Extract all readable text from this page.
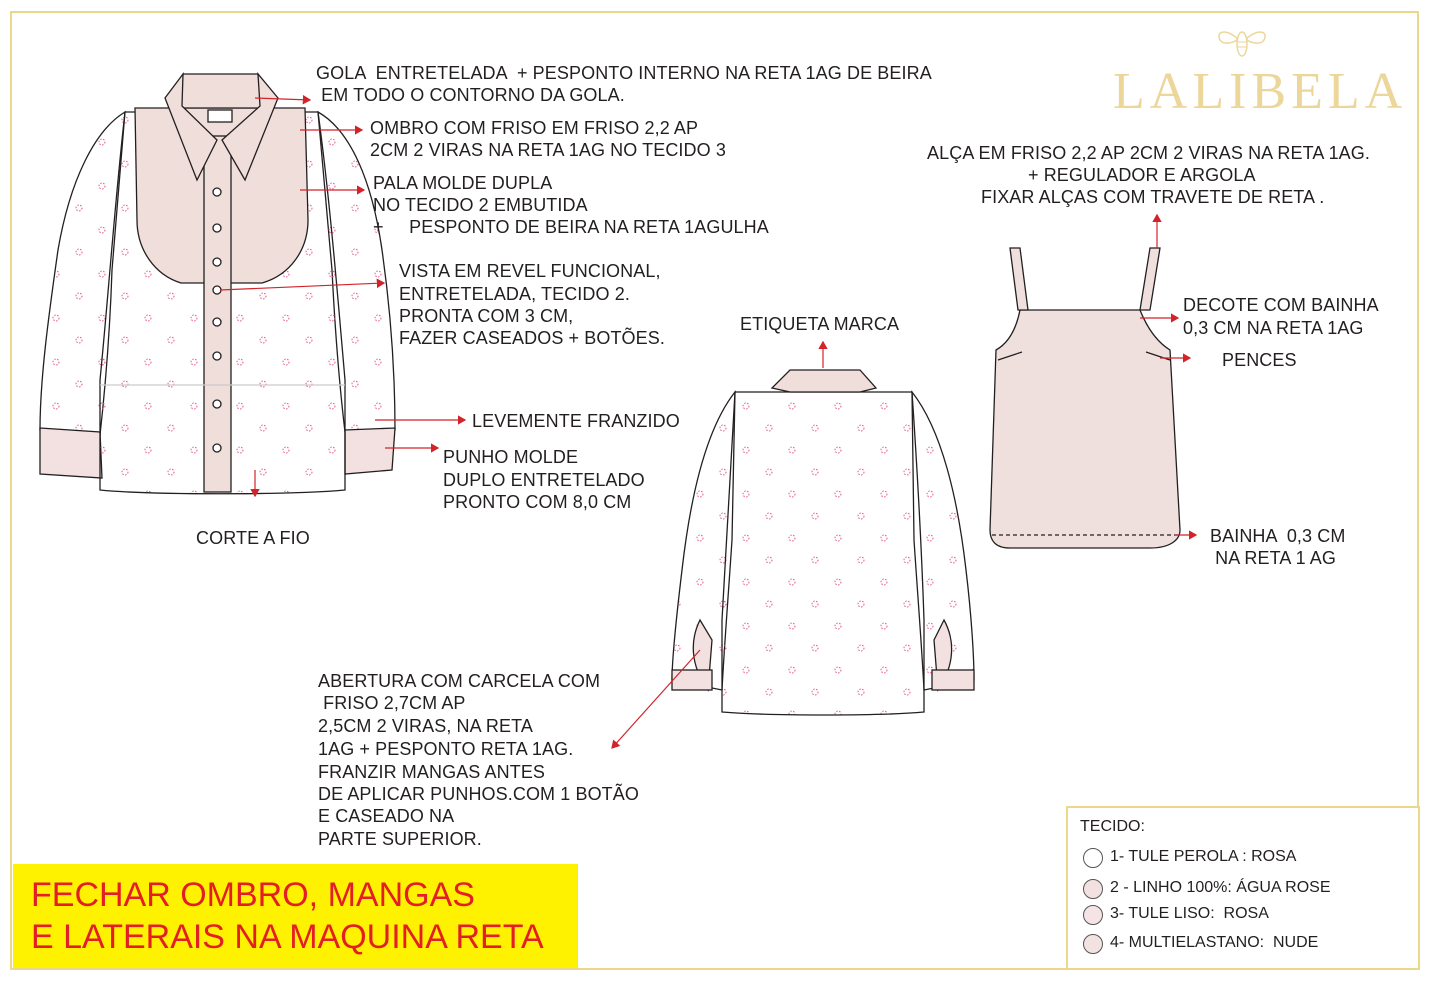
LALIBELA
GOLA  ENTRETELADA  + PESPONTO INTERNO NA RETA 1AG DE BEIRA
EM TODO O CONTORNO DA GOLA.
OMBRO COM FRISO EM FRISO 2,2 AP
2CM 2 VIRAS NA RETA 1AG NO TECIDO 3
PALA MOLDE DUPLA
NO TECIDO 2 EMBUTIDA
+     PESPONTO DE BEIRA NA RETA 1AGULHA
VISTA EM REVEL FUNCIONAL,
ENTRETELADA, TECIDO 2.
PRONTA COM 3 CM,
FAZER CASEADOS + BOTÕES.
LEVEMENTE FRANZIDO
PUNHO MOLDE
DUPLO ENTRETELADO
PRONTO COM 8,0 CM
CORTE A FIO
ETIQUETA MARCA
ABERTURA COM CARCELA COM
FRISO 2,7CM AP
2,5CM 2 VIRAS, NA RETA
1AG + PESPONTO RETA 1AG.
FRANZIR MANGAS ANTES
DE APLICAR PUNHOS.COM 1 BOTÃO
E CASEADO NA
PARTE SUPERIOR.
ALÇA EM FRISO 2,2 AP 2CM 2 VIRAS NA RETA 1AG.
+ REGULADOR E ARGOLA
FIXAR ALÇAS COM TRAVETE DE RETA .
DECOTE COM BAINHA
0,3 CM NA RETA 1AG
PENCES
BAINHA  0,3 CM
NA RETA 1 AG
FECHAR OMBRO, MANGAS
E LATERAIS NA MAQUINA RETA
TECIDO:
1- TULE PEROLA : ROSA
2 - LINHO 100%: ÁGUA ROSE
3- TULE LISO:  ROSA
4- MULTIELASTANO:  NUDE
